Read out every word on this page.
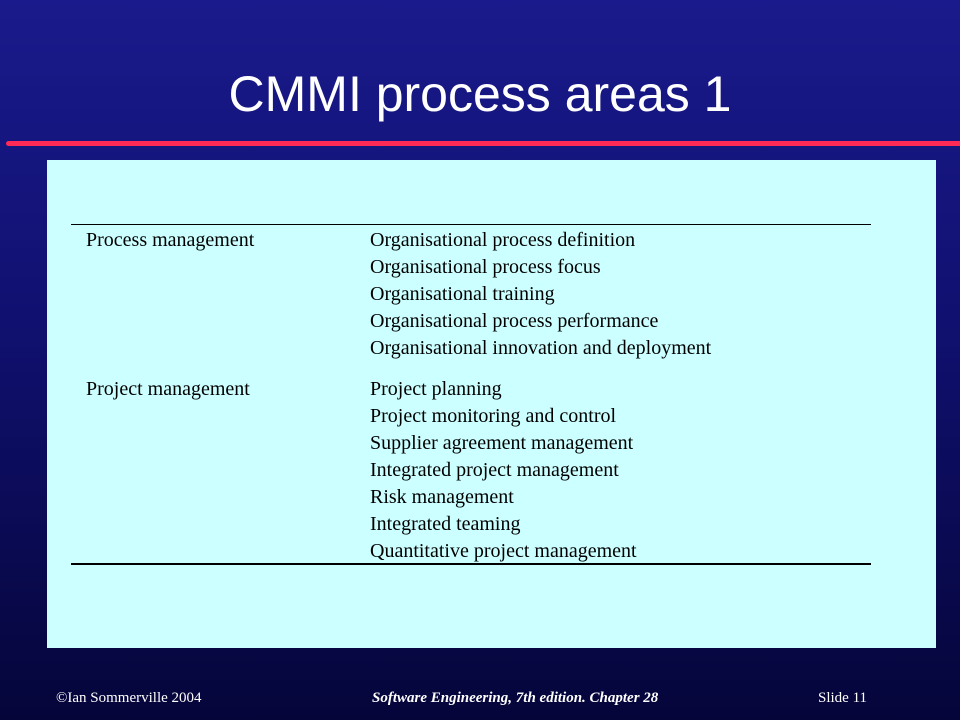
CMMI process areas 1
Process management	Organisational process definition
Organisational process focus
Organisational training
Organisational process performance
Organisational innovation and deployment
Project management	Project planning
Project monitoring and control
Supplier agreement management
Integrated project management
Risk management
Integrated teaming
Quantitative project management
©Ian Sommerville 2004	Software Engineering, 7th edition. Chapter 28	Slide 11
